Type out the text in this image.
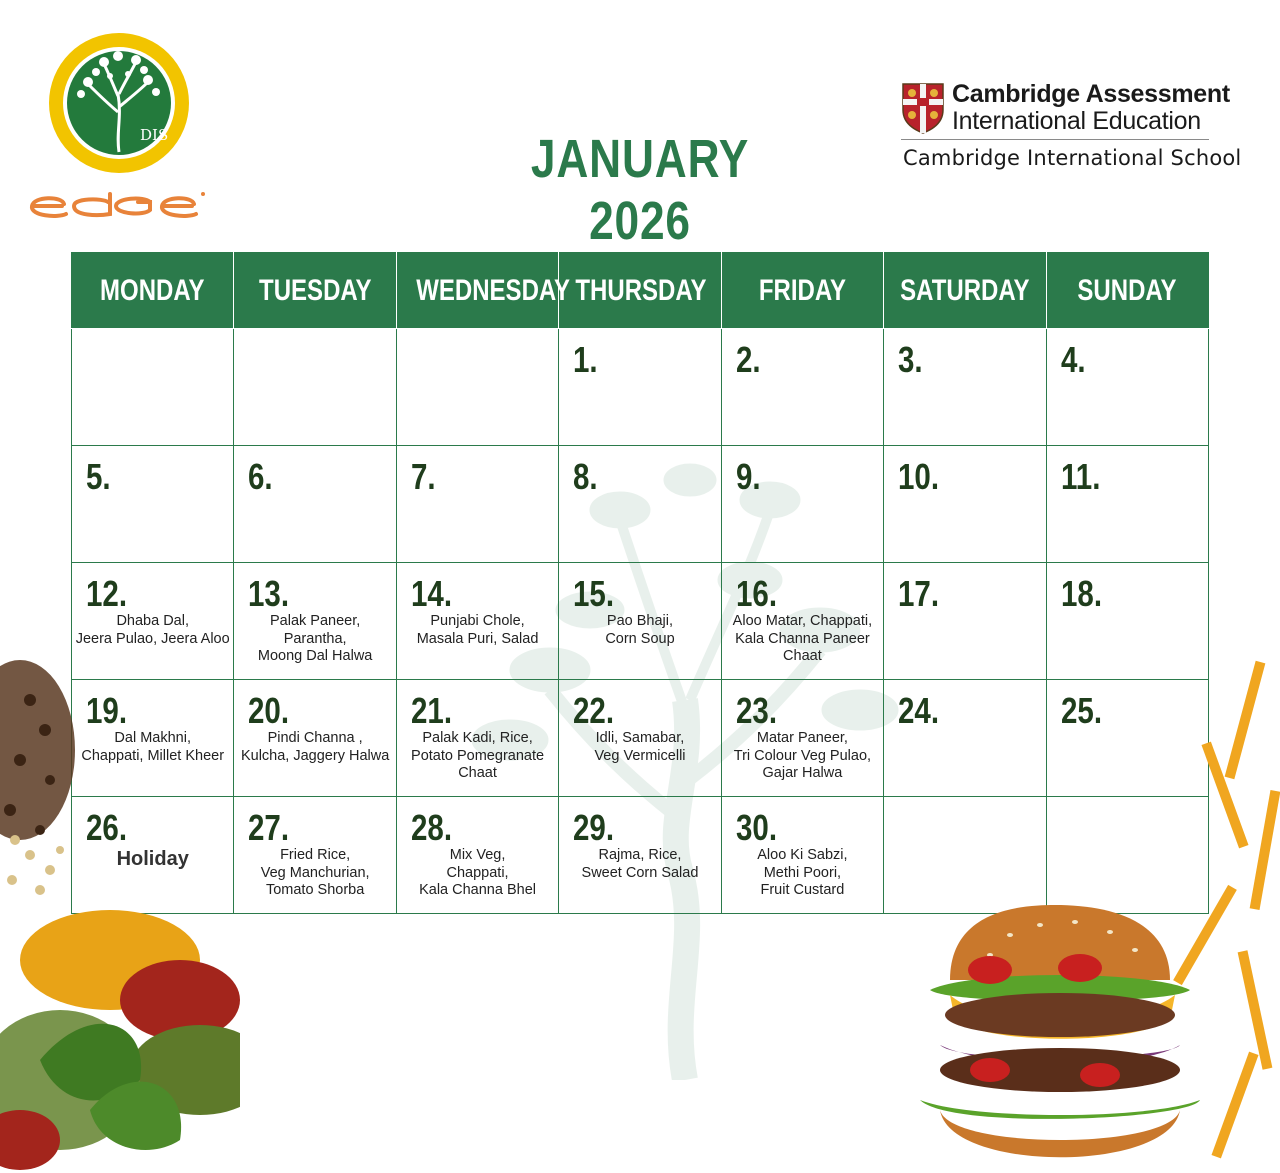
DIS
Cambridge Assessment
International Education
Cambridge International School
JANUARY 2026
MONDAY	TUESDAY	WEDNESDAY	THURSDAY	FRIDAY	SATURDAY	SUNDAY

			1.	2.	3.	4.

5.	6.	7.	8.	9.	10.	11.

12.
Dhaba Dal,
Jeera Pulao, Jeera Aloo	13.
Palak Paneer,
Parantha,
Moong Dal Halwa	14.
Punjabi Chole,
Masala Puri, Salad	15.
Pao Bhaji,
Corn Soup	16.
Aloo Matar, Chappati,
Kala Channa Paneer
Chaat	17.	18.

19.
Dal Makhni,
Chappati, Millet Kheer	20.
Pindi Channa ,
Kulcha, Jaggery Halwa	21.
Palak Kadi, Rice,
Potato Pomegranate
Chaat	22.
Idli, Samabar,
Veg Vermicelli	23.
Matar Paneer,
Tri Colour Veg Pulao,
Gajar Halwa	24.	25.

26.
Holiday	27.
Fried Rice,
Veg Manchurian,
Tomato Shorba	28.
Mix Veg,
Chappati,
Kala Channa Bhel	29.
Rajma, Rice,
Sweet Corn Salad	30.
Aloo Ki Sabzi,
Methi Poori,
Fruit Custard		
